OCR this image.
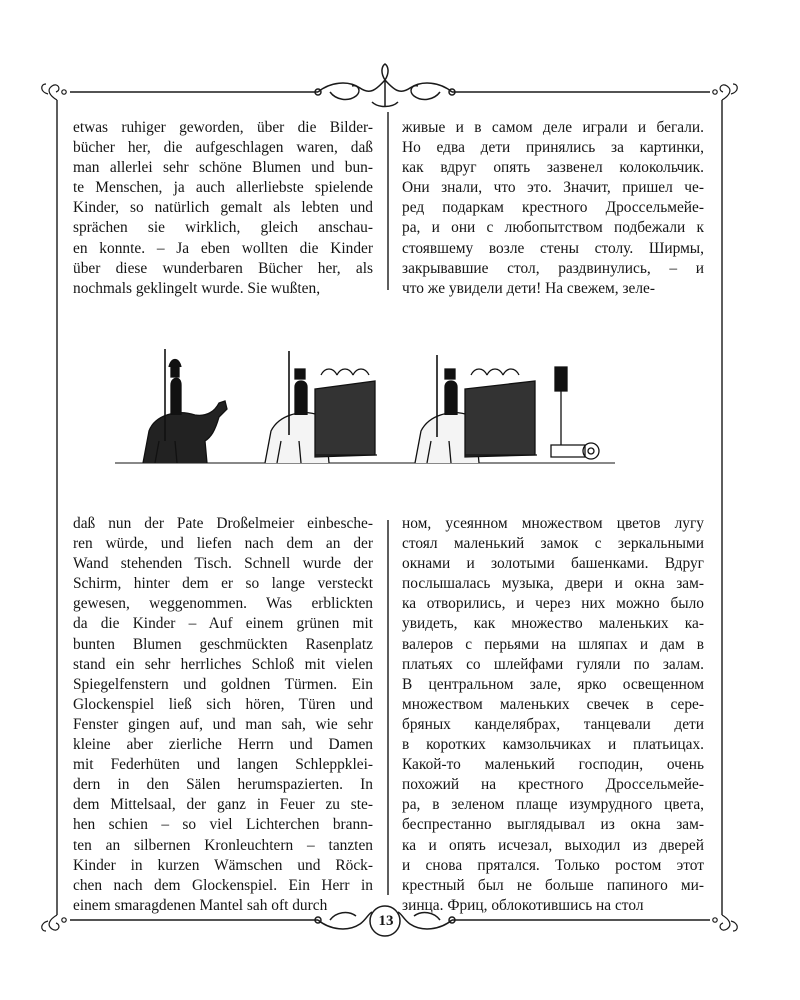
etwas ruhiger geworden, über die Bilder-
bücher her, die aufgeschlagen waren, daß
man allerlei sehr schöne Blumen und bun-
te Menschen, ja auch allerliebste spielende
Kinder, so natürlich gemalt als lebten und
sprächen sie wirklich, gleich anschau-
en konnte. – Ja eben wollten die Kinder
über diese wunderbaren Bücher her, als
nochmals geklingelt wurde. Sie wußten,
живые и в самом деле играли и бегали.
Но едва дети принялись за картинки,
как вдруг опять зазвенел колокольчик.
Они знали, что это. Значит, пришел че-
ред подаркам крестного Дроссельмейе-
ра, и они с любопытством подбежали к
стоявшему возле стены столу. Ширмы,
закрывавшие стол, раздвинулись, – и
что же увидели дети! На свежем, зеле-
daß nun der Pate Droßelmeier einbesche-
ren würde, und liefen nach dem an der
Wand stehenden Tisch. Schnell wurde der
Schirm, hinter dem er so lange versteckt
gewesen, weggenommen. Was erblickten
da die Kinder – Auf einem grünen mit
bunten Blumen geschmückten Rasenplatz
stand ein sehr herrliches Schloß mit vielen
Spiegelfenstern und goldnen Türmen. Ein
Glockenspiel ließ sich hören, Türen und
Fenster gingen auf, und man sah, wie sehr
kleine aber zierliche Herrn und Damen
mit Federhüten und langen Schleppklei-
dern in den Sälen herumspazierten. In
dem Mittelsaal, der ganz in Feuer zu ste-
hen schien – so viel Lichterchen brann-
ten an silbernen Kronleuchtern – tanzten
Kinder in kurzen Wämschen und Röck-
chen nach dem Glockenspiel. Ein Herr in
einem smaragdenen Mantel sah oft durch
ном, усеянном множеством цветов лугу
стоял маленький замок с зеркальными
окнами и золотыми башенками. Вдруг
послышалась музыка, двери и окна зам-
ка отворились, и через них можно было
увидеть, как множество маленьких ка-
валеров с перьями на шляпах и дам в
платьях со шлейфами гуляли по залам.
В центральном зале, ярко освещенном
множеством маленьких свечек в сере-
бряных канделябрах, танцевали дети
в коротких камзольчиках и платьицах.
Какой-то маленький господин, очень
похожий на крестного Дроссельмейе-
ра, в зеленом плаще изумрудного цвета,
беспрестанно выглядывал из окна зам-
ка и опять исчезал, выходил из дверей
и снова прятался. Только ростом этот
крестный был не больше папиного ми-
зинца. Фриц, облокотившись на стол
13
